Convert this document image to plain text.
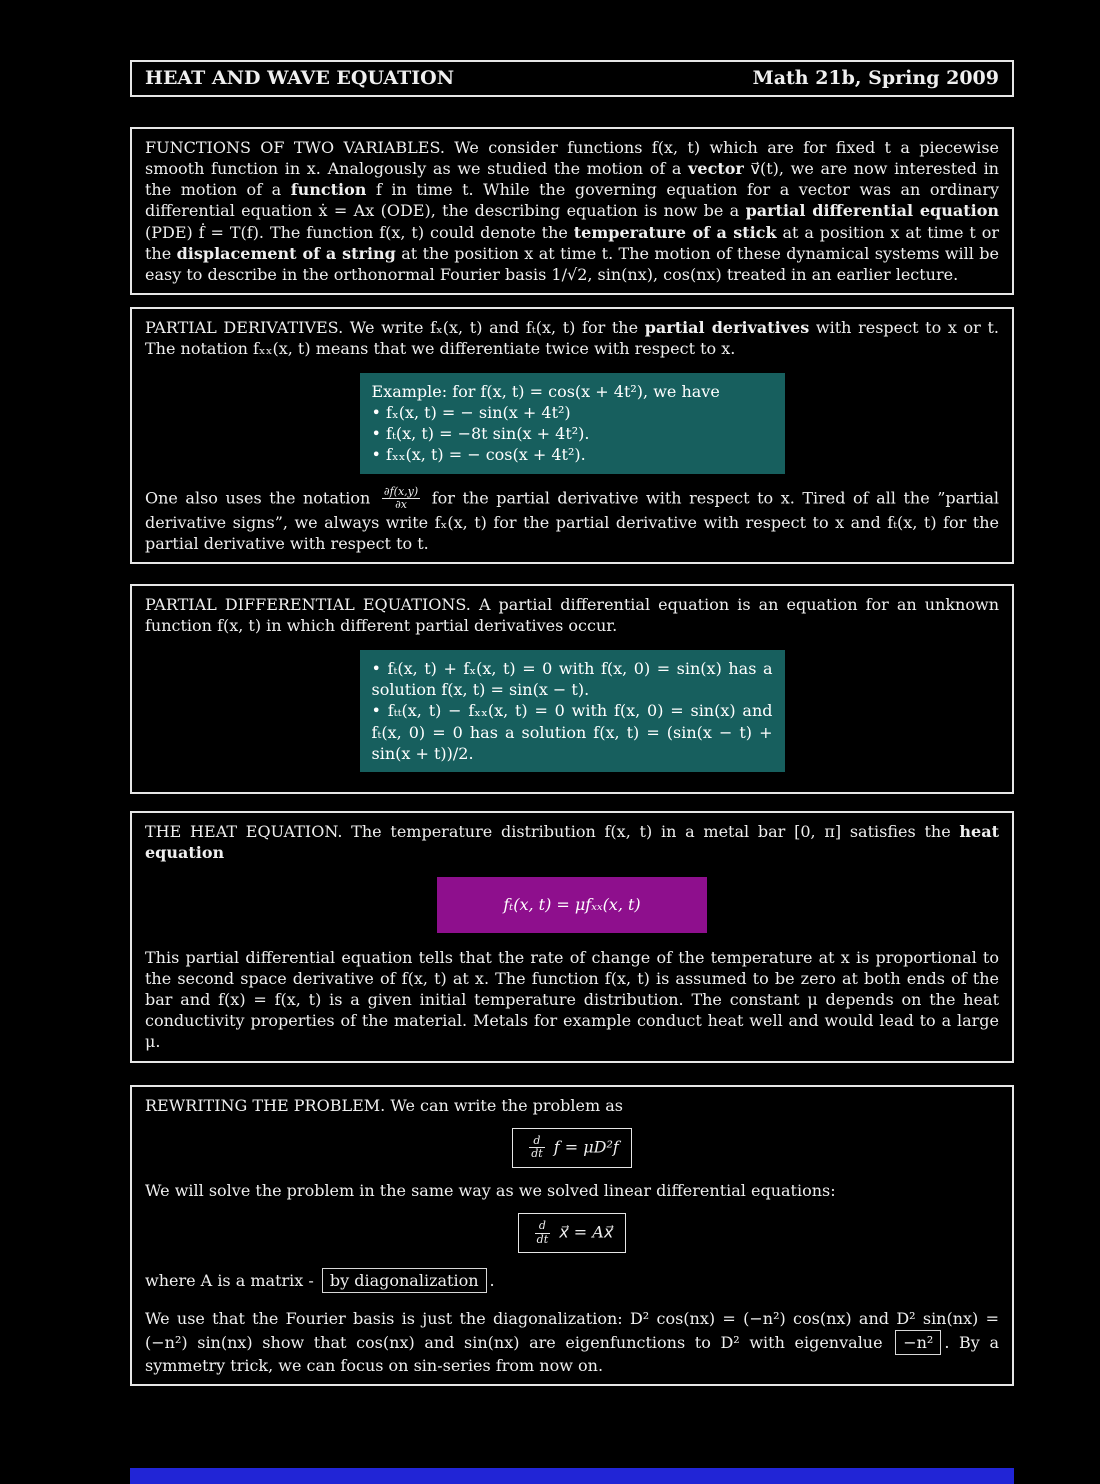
HEAT AND WAVE EQUATION	Math 21b, Spring 2009

FUNCTIONS OF TWO VARIABLES. We consider functions f(x, t) which are for fixed t a piecewise smooth function in x. Analogously as we studied the motion of a vector v⃗(t), we are now interested in the motion of a function f in time t. While the governing equation for a vector was an ordinary differential equation ẋ = Ax (ODE), the describing equation is now be a partial differential equation (PDE) ḟ = T(f). The function f(x, t) could denote the temperature of a stick at a position x at time t or the displacement of a string at the position x at time t. The motion of these dynamical systems will be easy to describe in the orthonormal Fourier basis 1/√2, sin(nx), cos(nx) treated in an earlier lecture.

PARTIAL DERIVATIVES. We write fₓ(x, t) and fₜ(x, t) for the partial derivatives with respect to x or t. The notation fₓₓ(x, t) means that we differentiate twice with respect to x.

Example: for f(x, t) = cos(x + 4t²), we have
• fₓ(x, t) = − sin(x + 4t²)
• fₜ(x, t) = −8t sin(x + 4t²).
• fₓₓ(x, t) = − cos(x + 4t²).

One also uses the notation $\frac{\partial f(x,y)}{\partial x}$ for the partial derivative with respect to x. Tired of all the ”partial derivative signs”, we always write fₓ(x, t) for the partial derivative with respect to x and fₜ(x, t) for the partial derivative with respect to t.

PARTIAL DIFFERENTIAL EQUATIONS. A partial differential equation is an equation for an unknown function f(x, t) in which different partial derivatives occur.

• fₜ(x, t) + fₓ(x, t) = 0 with f(x, 0) = sin(x) has a solution f(x, t) = sin(x − t).
• fₜₜ(x, t) − fₓₓ(x, t) = 0 with f(x, 0) = sin(x) and fₜ(x, 0) = 0 has a solution f(x, t) = (sin(x − t) + sin(x + t))/2.

THE HEAT EQUATION. The temperature distribution f(x, t) in a metal bar [0, π] satisfies the heat equation

fₜ(x, t) = μfₓₓ(x, t)

This partial differential equation tells that the rate of change of the temperature at x is proportional to the second space derivative of f(x, t) at x. The function f(x, t) is assumed to be zero at both ends of the bar and f(x) = f(x, t) is a given initial temperature distribution. The constant μ depends on the heat conductivity properties of the material. Metals for example conduct heat well and would lead to a large μ.

REWRITING THE PROBLEM. We can write the problem as

$\frac{d}{dt}$ f = μD²f

We will solve the problem in the same way as we solved linear differential equations:

$\frac{d}{dt}$ x⃗ = Ax⃗

where A is a matrix - by diagonalization .

We use that the Fourier basis is just the diagonalization: D² cos(nx) = (−n²) cos(nx) and D² sin(nx) = (−n²) sin(nx) show that cos(nx) and sin(nx) are eigenfunctions to D² with eigenvalue −n² . By a symmetry trick, we can focus on sin-series from now on.
